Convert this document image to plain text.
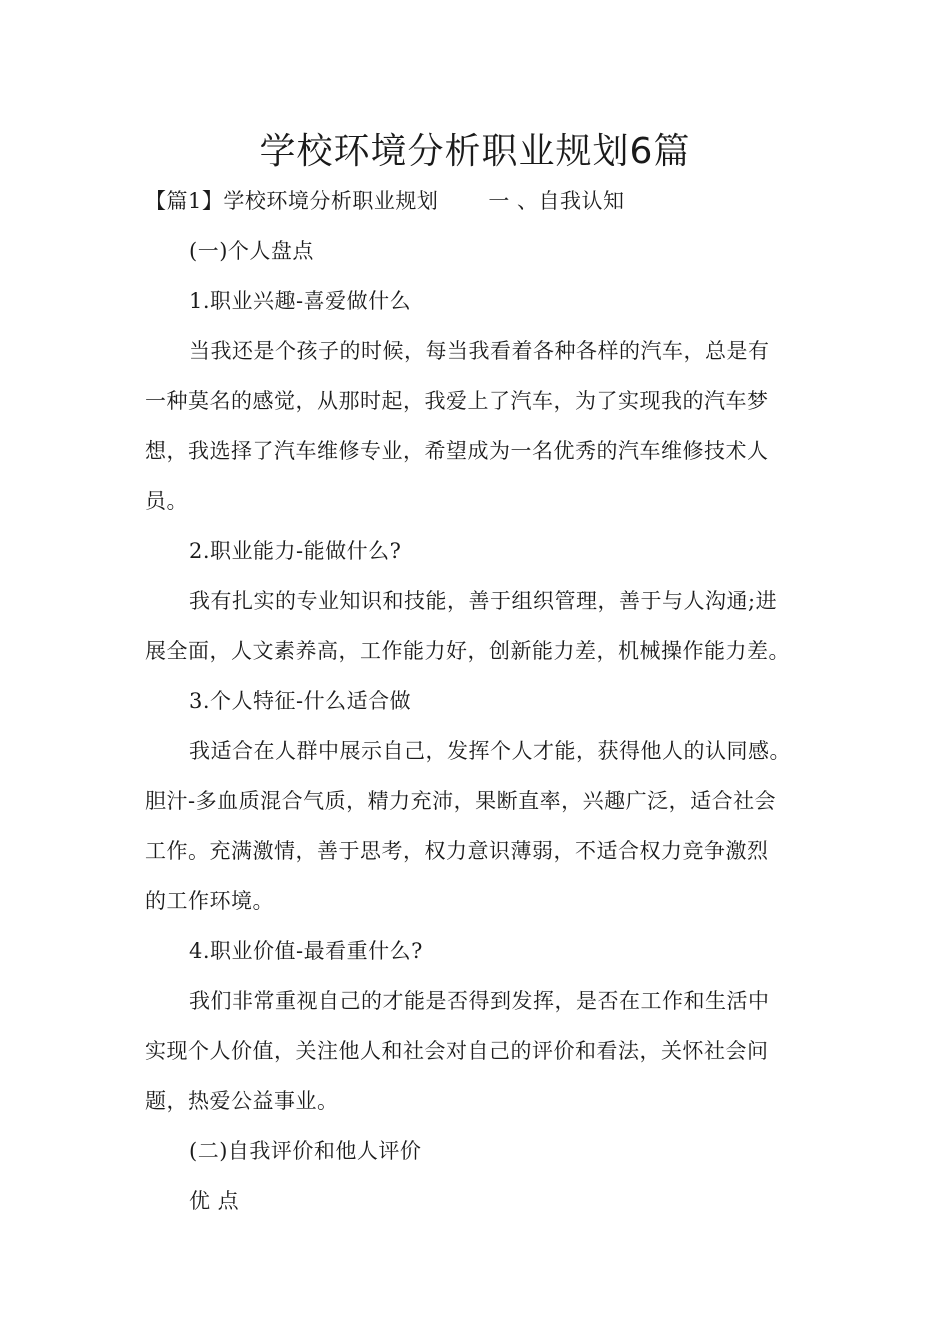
学校环境分析职业规划6篇
【篇1】学校环境分析职业规划 一 、自我认知
(一)个人盘点
1.职业兴趣-喜爱做什么
当我还是个孩子的时候，每当我看着各种各样的汽车，总是有
一种莫名的感觉，从那时起，我爱上了汽车，为了实现我的汽车梦
想，我选择了汽车维修专业，希望成为一名优秀的汽车维修技术人
员。
2.职业能力-能做什么?
我有扎实的专业知识和技能，善于组织管理，善于与人沟通;进
展全面，人文素养高，工作能力好，创新能力差，机械操作能力差。
3.个人特征-什么适合做
我适合在人群中展示自己，发挥个人才能，获得他人的认同感。
胆汁-多血质混合气质，精力充沛，果断直率，兴趣广泛，适合社会
工作。充满激情，善于思考，权力意识薄弱，不适合权力竞争激烈
的工作环境。
4.职业价值-最看重什么?
我们非常重视自己的才能是否得到发挥，是否在工作和生活中
实现个人价值，关注他人和社会对自己的评价和看法，关怀社会问
题，热爱公益事业。
(二)自我评价和他人评价
优 点
